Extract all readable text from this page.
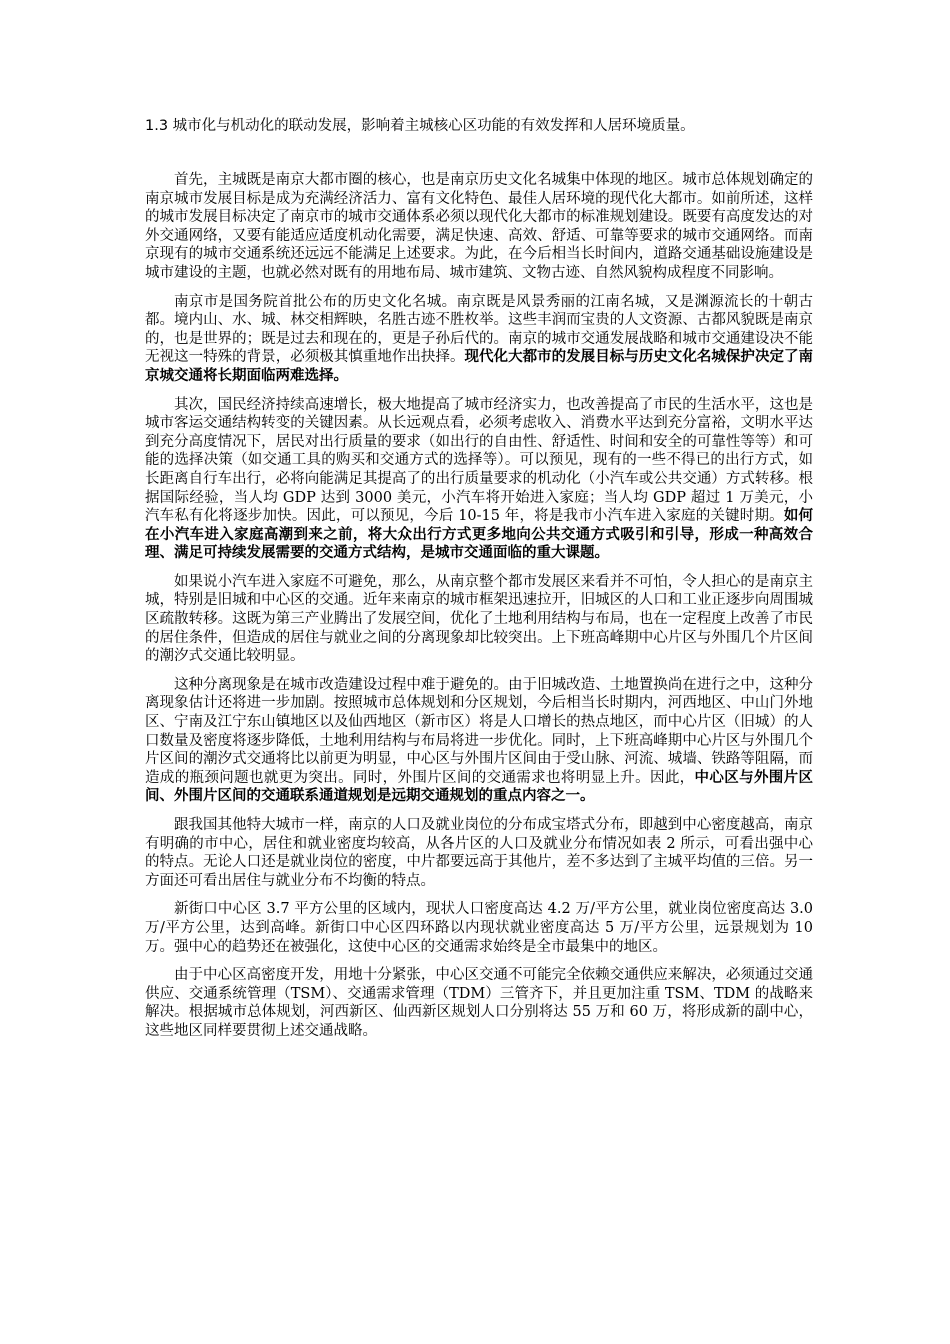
1.3 城市化与机动化的联动发展，影响着主城核心区功能的有效发挥和人居环境质量。

首先，主城既是南京大都市圈的核心，也是南京历史文化名城集中体现的地区。城市总体规划确定的南京城市发展目标是成为充满经济活力、富有文化特色、最佳人居环境的现代化大都市。如前所述，这样的城市发展目标决定了南京市的城市交通体系必须以现代化大都市的标准规划建设。既要有高度发达的对外交通网络，又要有能适应适度机动化需要，满足快速、高效、舒适、可靠等要求的城市交通网络。而南京现有的城市交通系统还远远不能满足上述要求。为此，在今后相当长时间内，道路交通基础设施建设是城市建设的主题，也就必然对既有的用地布局、城市建筑、文物古迹、自然风貌构成程度不同影响。

南京市是国务院首批公布的历史文化名城。南京既是风景秀丽的江南名城，又是渊源流长的十朝古都。境内山、水、城、林交相辉映，名胜古迹不胜枚举。这些丰润而宝贵的人文资源、古都风貌既是南京的，也是世界的；既是过去和现在的，更是子孙后代的。南京的城市交通发展战略和城市交通建设决不能无视这一特殊的背景，必须极其慎重地作出抉择。现代化大都市的发展目标与历史文化名城保护决定了南京城交通将长期面临两难选择。

其次，国民经济持续高速增长，极大地提高了城市经济实力，也改善提高了市民的生活水平，这也是城市客运交通结构转变的关键因素。从长远观点看，必须考虑收入、消费水平达到充分富裕，文明水平达到充分高度情况下，居民对出行质量的要求（如出行的自由性、舒适性、时间和安全的可靠性等等）和可能的选择决策（如交通工具的购买和交通方式的选择等）。可以预见，现有的一些不得已的出行方式，如长距离自行车出行，必将向能满足其提高了的出行质量要求的机动化（小汽车或公共交通）方式转移。根据国际经验，当人均 GDP 达到 3000 美元，小汽车将开始进入家庭；当人均 GDP 超过 1 万美元，小汽车私有化将逐步加快。因此，可以预见，今后 10-15 年，将是我市小汽车进入家庭的关键时期。如何在小汽车进入家庭高潮到来之前，将大众出行方式更多地向公共交通方式吸引和引导，形成一种高效合理、满足可持续发展需要的交通方式结构，是城市交通面临的重大课题。

如果说小汽车进入家庭不可避免，那么，从南京整个都市发展区来看并不可怕，令人担心的是南京主城，特别是旧城和中心区的交通。近年来南京的城市框架迅速拉开，旧城区的人口和工业正逐步向周围城区疏散转移。这既为第三产业腾出了发展空间，优化了土地利用结构与布局，也在一定程度上改善了市民的居住条件，但造成的居住与就业之间的分离现象却比较突出。上下班高峰期中心片区与外围几个片区间的潮汐式交通比较明显。

这种分离现象是在城市改造建设过程中难于避免的。由于旧城改造、土地置换尚在进行之中，这种分离现象估计还将进一步加剧。按照城市总体规划和分区规划，今后相当长时期内，河西地区、中山门外地区、宁南及江宁东山镇地区以及仙西地区（新市区）将是人口增长的热点地区，而中心片区（旧城）的人口数量及密度将逐步降低，土地利用结构与布局将进一步优化。同时，上下班高峰期中心片区与外围几个片区间的潮汐式交通将比以前更为明显，中心区与外围片区间由于受山脉、河流、城墙、铁路等阻隔，而造成的瓶颈问题也就更为突出。同时，外围片区间的交通需求也将明显上升。因此，中心区与外围片区间、外围片区间的交通联系通道规划是远期交通规划的重点内容之一。

跟我国其他特大城市一样，南京的人口及就业岗位的分布成宝塔式分布，即越到中心密度越高，南京有明确的市中心，居住和就业密度均较高，从各片区的人口及就业分布情况如表 2 所示，可看出强中心的特点。无论人口还是就业岗位的密度，中片都要远高于其他片，差不多达到了主城平均值的三倍。另一方面还可看出居住与就业分布不均衡的特点。

新街口中心区 3.7 平方公里的区域内，现状人口密度高达 4.2 万/平方公里，就业岗位密度高达 3.0 万/平方公里，达到高峰。新街口中心区四环路以内现状就业密度高达 5 万/平方公里，远景规划为 10 万。强中心的趋势还在被强化，这使中心区的交通需求始终是全市最集中的地区。

由于中心区高密度开发，用地十分紧张，中心区交通不可能完全依赖交通供应来解决，必须通过交通供应、交通系统管理（TSM）、交通需求管理（TDM）三管齐下，并且更加注重 TSM、TDM 的战略来解决。根据城市总体规划，河西新区、仙西新区规划人口分别将达 55 万和 60 万，将形成新的副中心，这些地区同样要贯彻上述交通战略。
